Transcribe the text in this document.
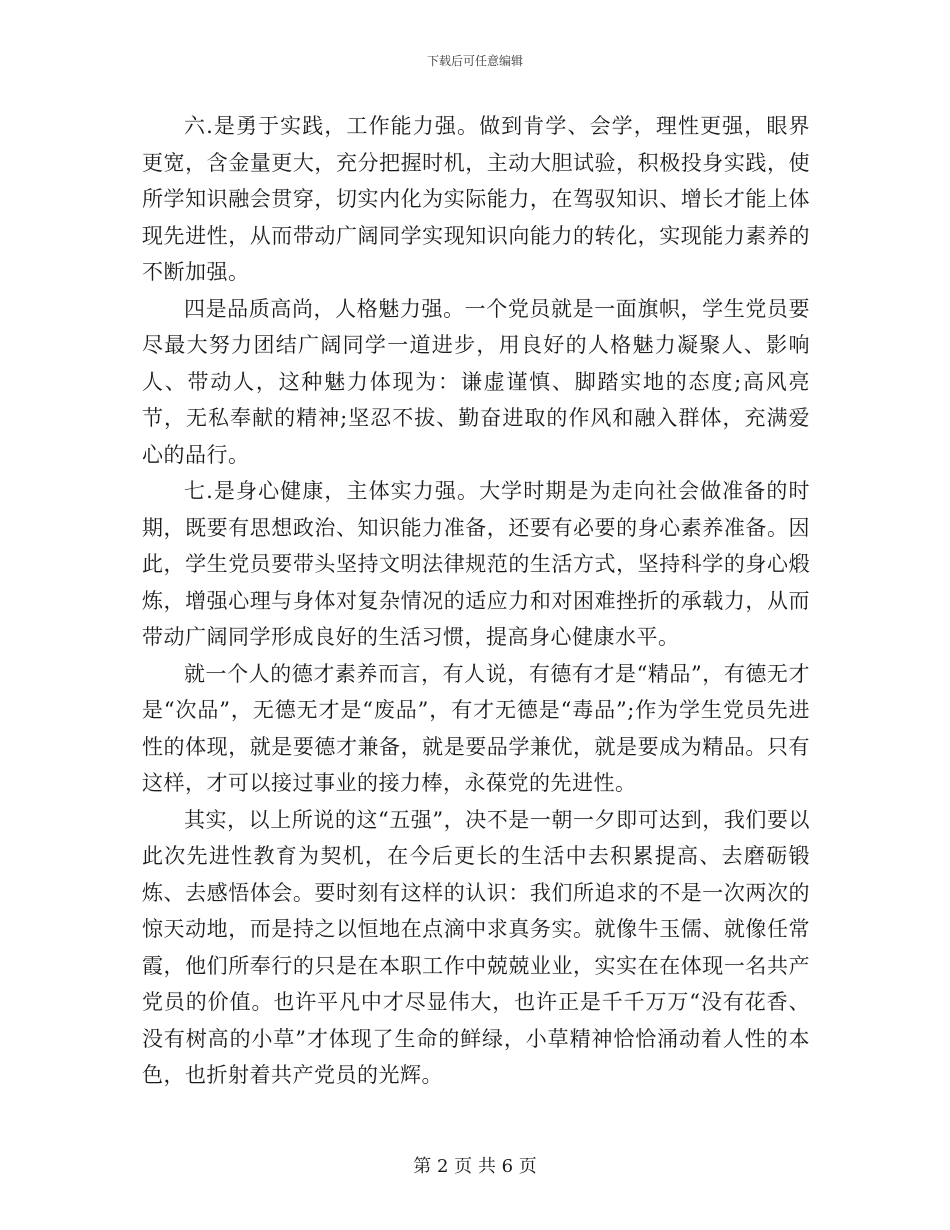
下载后可任意编辑

六.是勇于实践，工作能力强。做到肯学、会学，理性更强，眼界更宽，含金量更大，充分把握时机，主动大胆试验，积极投身实践，使所学知识融会贯穿，切实内化为实际能力，在驾驭知识、增长才能上体现先进性，从而带动广阔同学实现知识向能力的转化，实现能力素养的不断加强。

四是品质高尚，人格魅力强。一个党员就是一面旗帜，学生党员要尽最大努力团结广阔同学一道进步，用良好的人格魅力凝聚人、影响人、带动人，这种魅力体现为：谦虚谨慎、脚踏实地的态度;高风亮节，无私奉献的精神;坚忍不拔、勤奋进取的作风和融入群体，充满爱心的品行。

七.是身心健康，主体实力强。大学时期是为走向社会做准备的时期，既要有思想政治、知识能力准备，还要有必要的身心素养准备。因此，学生党员要带头坚持文明法律规范的生活方式，坚持科学的身心煅炼，增强心理与身体对复杂情况的适应力和对困难挫折的承载力，从而带动广阔同学形成良好的生活习惯，提高身心健康水平。

就一个人的德才素养而言，有人说，有德有才是“精品”，有德无才是“次品”，无德无才是“废品”，有才无德是“毒品”;作为学生党员先进性的体现，就是要德才兼备，就是要品学兼优，就是要成为精品。只有这样，才可以接过事业的接力棒，永葆党的先进性。

其实，以上所说的这“五强”，决不是一朝一夕即可达到，我们要以此次先进性教育为契机，在今后更长的生活中去积累提高、去磨砺锻炼、去感悟体会。要时刻有这样的认识：我们所追求的不是一次两次的惊天动地，而是持之以恒地在点滴中求真务实。就像牛玉儒、就像任常霞，他们所奉行的只是在本职工作中兢兢业业，实实在在体现一名共产党员的价值。也许平凡中才尽显伟大，也许正是千千万万“没有花香、没有树高的小草”才体现了生命的鲜绿，小草精神恰恰涌动着人性的本色，也折射着共产党员的光辉。

第 2 页 共 6 页
